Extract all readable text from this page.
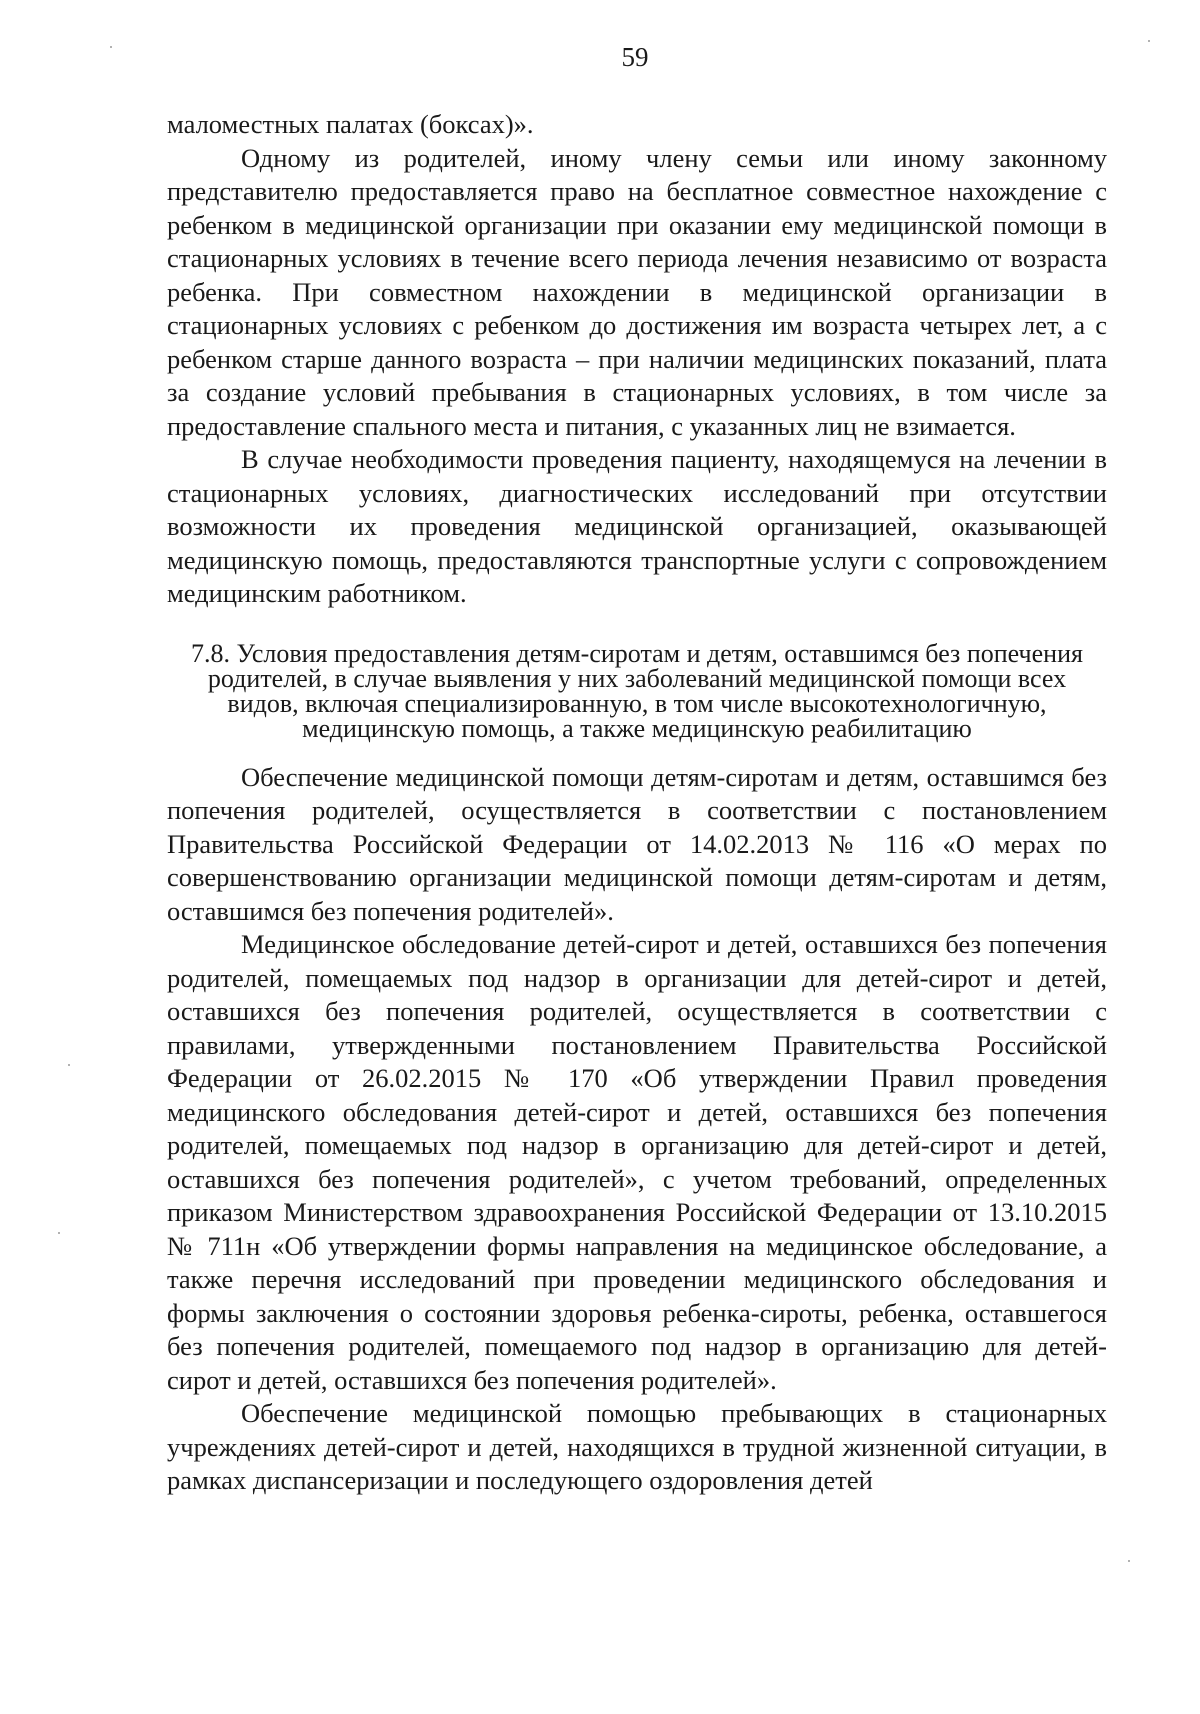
59

маломестных палатах (боксах)».

Одному из родителей, иному члену семьи или иному законному представителю предоставляется право на бесплатное совместное нахождение с ребенком в медицинской организации при оказании ему медицинской помощи в стационарных условиях в течение всего периода лечения независимо от возраста ребенка. При совместном нахождении в медицинской организации в стационарных условиях с ребенком до достижения им возраста четырех лет, а с ребенком старше данного возраста – при наличии медицинских показаний, плата за создание условий пребывания в стационарных условиях, в том числе за предоставление спального места и питания, с указанных лиц не взимается.

В случае необходимости проведения пациенту, находящемуся на лечении в стационарных условиях, диагностических исследований при отсутствии возможности их проведения медицинской организацией, оказывающей медицинскую помощь, предоставляются транспортные услуги с сопровождением медицинским работником.

7.8. Условия предоставления детям-сиротам и детям, оставшимся без попечения родителей, в случае выявления у них заболеваний медицинской помощи всех видов, включая специализированную, в том числе высокотехнологичную, медицинскую помощь, а также медицинскую реабилитацию

Обеспечение медицинской помощи детям-сиротам и детям, оставшимся без попечения родителей, осуществляется в соответствии с постановлением Правительства Российской Федерации от 14.02.2013 № 116 «О мерах по совершенствованию организации медицинской помощи детям-сиротам и детям, оставшимся без попечения родителей».

Медицинское обследование детей-сирот и детей, оставшихся без попечения родителей, помещаемых под надзор в организации для детей-сирот и детей, оставшихся без попечения родителей, осуществляется в соответствии с правилами, утвержденными постановлением Правительства Российской Федерации от 26.02.2015 № 170 «Об утверждении Правил проведения медицинского обследования детей-сирот и детей, оставшихся без попечения родителей, помещаемых под надзор в организацию для детей-сирот и детей, оставшихся без попечения родителей», с учетом требований, определенных приказом Министерством здравоохранения Российской Федерации от 13.10.2015 № 711н «Об утверждении формы направления на медицинское обследование, а также перечня исследований при проведении медицинского обследования и формы заключения о состоянии здоровья ребенка-сироты, ребенка, оставшегося без попечения родителей, помещаемого под надзор в организацию для детей-сирот и детей, оставшихся без попечения родителей».

Обеспечение медицинской помощью пребывающих в стационарных учреждениях детей-сирот и детей, находящихся в трудной жизненной ситуации, в рамках диспансеризации и последующего оздоровления детей
